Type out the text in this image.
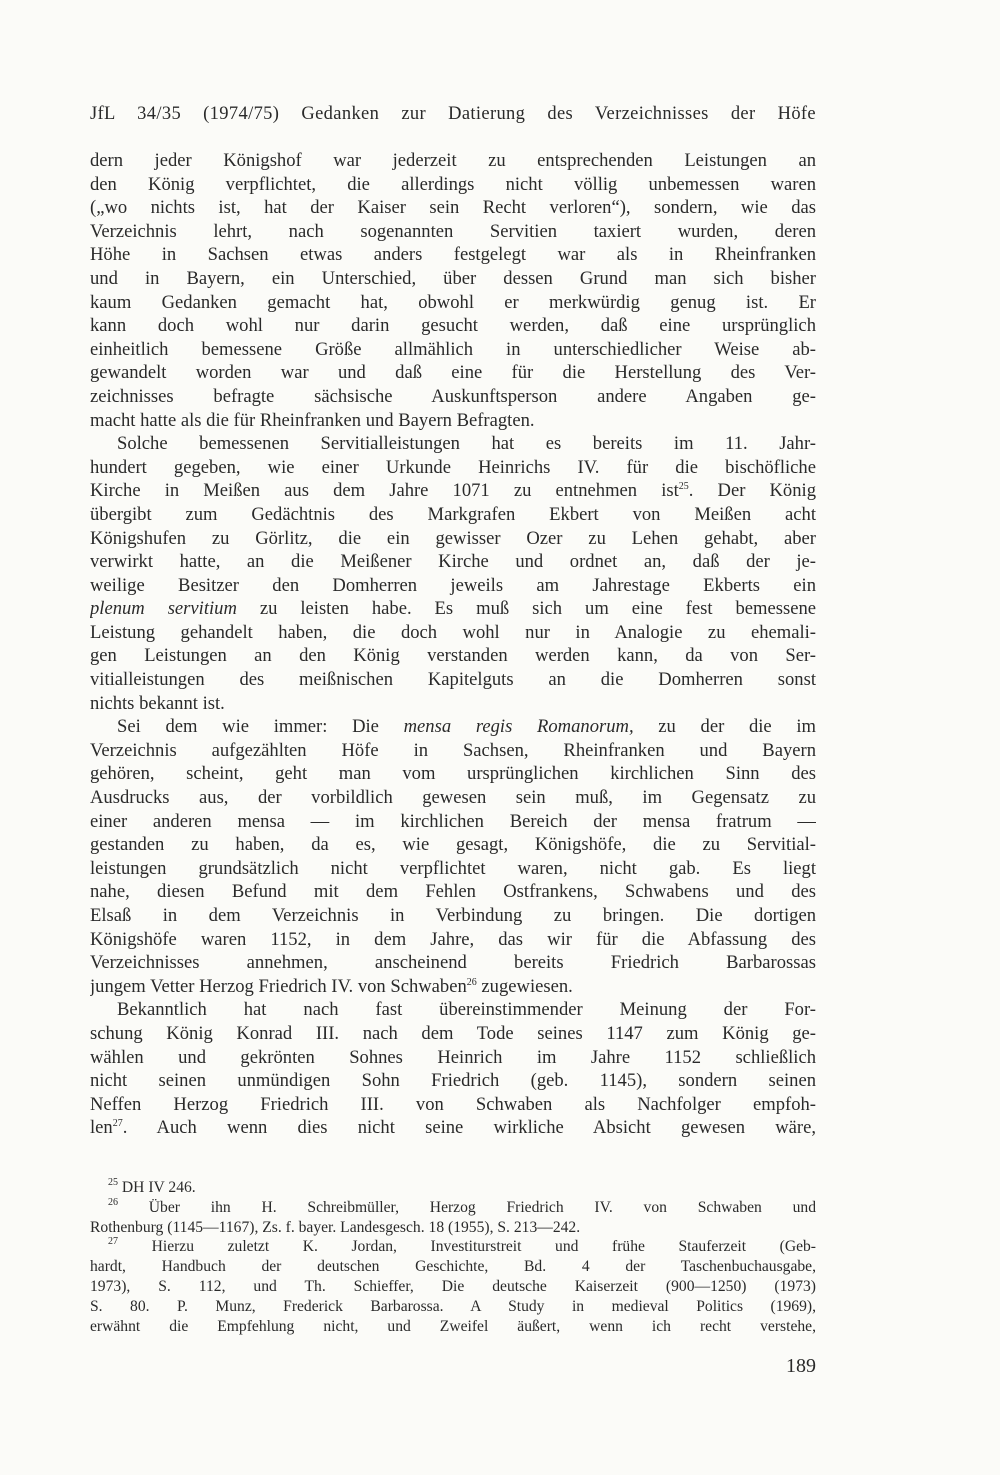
JfL 34/35 (1974/75) Gedanken zur Datierung des Verzeichnisses der Höfe

dern jeder Königshof war jederzeit zu entsprechenden Leistungen an
den König verpflichtet, die allerdings nicht völlig unbemessen waren
(„wo nichts ist, hat der Kaiser sein Recht verloren“), sondern, wie das
Verzeichnis lehrt, nach sogenannten Servitien taxiert wurden, deren
Höhe in Sachsen etwas anders festgelegt war als in Rheinfranken
und in Bayern, ein Unterschied, über dessen Grund man sich bisher
kaum Gedanken gemacht hat, obwohl er merkwürdig genug ist. Er
kann doch wohl nur darin gesucht werden, daß eine ursprünglich
einheitlich bemessene Größe allmählich in unterschiedlicher Weise ab-
gewandelt worden war und daß eine für die Herstellung des Ver-
zeichnisses befragte sächsische Auskunftsperson andere Angaben ge-
macht hatte als die für Rheinfranken und Bayern Befragten.

Solche bemessenen Servitialleistungen hat es bereits im 11. Jahr-
hundert gegeben, wie einer Urkunde Heinrichs IV. für die bischöfliche
Kirche in Meißen aus dem Jahre 1071 zu entnehmen ist$^{25}$. Der König
übergibt zum Gedächtnis des Markgrafen Ekbert von Meißen acht
Königshufen zu Görlitz, die ein gewisser Ozer zu Lehen gehabt, aber
verwirkt hatte, an die Meißener Kirche und ordnet an, daß der je-
weilige Besitzer den Domherren jeweils am Jahrestage Ekberts ein
plenum servitium zu leisten habe. Es muß sich um eine fest bemessene
Leistung gehandelt haben, die doch wohl nur in Analogie zu ehemali-
gen Leistungen an den König verstanden werden kann, da von Ser-
vitialleistungen des meißnischen Kapitelguts an die Domherren sonst
nichts bekannt ist.

Sei dem wie immer: Die mensa regis Romanorum, zu der die im
Verzeichnis aufgezählten Höfe in Sachsen, Rheinfranken und Bayern
gehören, scheint, geht man vom ursprünglichen kirchlichen Sinn des
Ausdrucks aus, der vorbildlich gewesen sein muß, im Gegensatz zu
einer anderen mensa — im kirchlichen Bereich der mensa fratrum —
gestanden zu haben, da es, wie gesagt, Königshöfe, die zu Servitial-
leistungen grundsätzlich nicht verpflichtet waren, nicht gab. Es liegt
nahe, diesen Befund mit dem Fehlen Ostfrankens, Schwabens und des
Elsaß in dem Verzeichnis in Verbindung zu bringen. Die dortigen
Königshöfe waren 1152, in dem Jahre, das wir für die Abfassung des
Verzeichnisses annehmen, anscheinend bereits Friedrich Barbarossas
jungem Vetter Herzog Friedrich IV. von Schwaben$^{26}$ zugewiesen.

Bekanntlich hat nach fast übereinstimmender Meinung der For-
schung König Konrad III. nach dem Tode seines 1147 zum König ge-
wählen und gekrönten Sohnes Heinrich im Jahre 1152 schließlich
nicht seinen unmündigen Sohn Friedrich (geb. 1145), sondern seinen
Neffen Herzog Friedrich III. von Schwaben als Nachfolger empfoh-
len$^{27}$. Auch wenn dies nicht seine wirkliche Absicht gewesen wäre,

$^{25}$ DH IV 246.
$^{26}$ Über ihn H. Schreibmüller, Herzog Friedrich IV. von Schwaben und
Rothenburg (1145—1167), Zs. f. bayer. Landesgesch. 18 (1955), S. 213—242.
$^{27}$ Hierzu zuletzt K. Jordan, Investiturstreit und frühe Stauferzeit (Geb-
hardt, Handbuch der deutschen Geschichte, Bd. 4 der Taschenbuchausgabe,
1973), S. 112, und Th. Schieffer, Die deutsche Kaiserzeit (900—1250) (1973)
S. 80. P. Munz, Frederick Barbarossa. A Study in medieval Politics (1969),
erwähnt die Empfehlung nicht, und Zweifel äußert, wenn ich recht verstehe,
189
